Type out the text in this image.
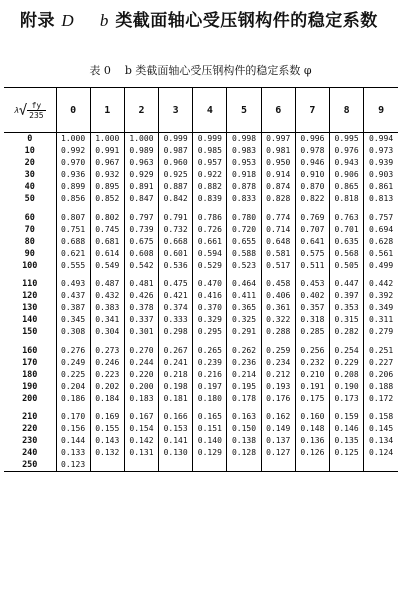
附录 D b 类截面轴心受压钢构件的稳定系数
表 0 b 类截面轴心受压钢构件的稳定系数 φ
$\lambda√ \frac{fy}{235}$	0	1	2	3	4	5	6	7	8	9
0	1.000	1.000	1.000	0.999	0.999	0.998	0.997	0.996	0.995	0.994
10	0.992	0.991	0.989	0.987	0.985	0.983	0.981	0.978	0.976	0.973
20	0.970	0.967	0.963	0.960	0.957	0.953	0.950	0.946	0.943	0.939
30	0.936	0.932	0.929	0.925	0.922	0.918	0.914	0.910	0.906	0.903
40	0.899	0.895	0.891	0.887	0.882	0.878	0.874	0.870	0.865	0.861
50	0.856	0.852	0.847	0.842	0.839	0.833	0.828	0.822	0.818	0.813

60	0.807	0.802	0.797	0.791	0.786	0.780	0.774	0.769	0.763	0.757
70	0.751	0.745	0.739	0.732	0.726	0.720	0.714	0.707	0.701	0.694
80	0.688	0.681	0.675	0.668	0.661	0.655	0.648	0.641	0.635	0.628
90	0.621	0.614	0.608	0.601	0.594	0.588	0.581	0.575	0.568	0.561
100	0.555	0.549	0.542	0.536	0.529	0.523	0.517	0.511	0.505	0.499

110	0.493	0.487	0.481	0.475	0.470	0.464	0.458	0.453	0.447	0.442
120	0.437	0.432	0.426	0.421	0.416	0.411	0.406	0.402	0.397	0.392
130	0.387	0.383	0.378	0.374	0.370	0.365	0.361	0.357	0.353	0.349
140	0.345	0.341	0.337	0.333	0.329	0.325	0.322	0.318	0.315	0.311
150	0.308	0.304	0.301	0.298	0.295	0.291	0.288	0.285	0.282	0.279

160	0.276	0.273	0.270	0.267	0.265	0.262	0.259	0.256	0.254	0.251
170	0.249	0.246	0.244	0.241	0.239	0.236	0.234	0.232	0.229	0.227
180	0.225	0.223	0.220	0.218	0.216	0.214	0.212	0.210	0.208	0.206
190	0.204	0.202	0.200	0.198	0.197	0.195	0.193	0.191	0.190	0.188
200	0.186	0.184	0.183	0.181	0.180	0.178	0.176	0.175	0.173	0.172

210	0.170	0.169	0.167	0.166	0.165	0.163	0.162	0.160	0.159	0.158
220	0.156	0.155	0.154	0.153	0.151	0.150	0.149	0.148	0.146	0.145
230	0.144	0.143	0.142	0.141	0.140	0.138	0.137	0.136	0.135	0.134
240	0.133	0.132	0.131	0.130	0.129	0.128	0.127	0.126	0.125	0.124
250	0.123									
